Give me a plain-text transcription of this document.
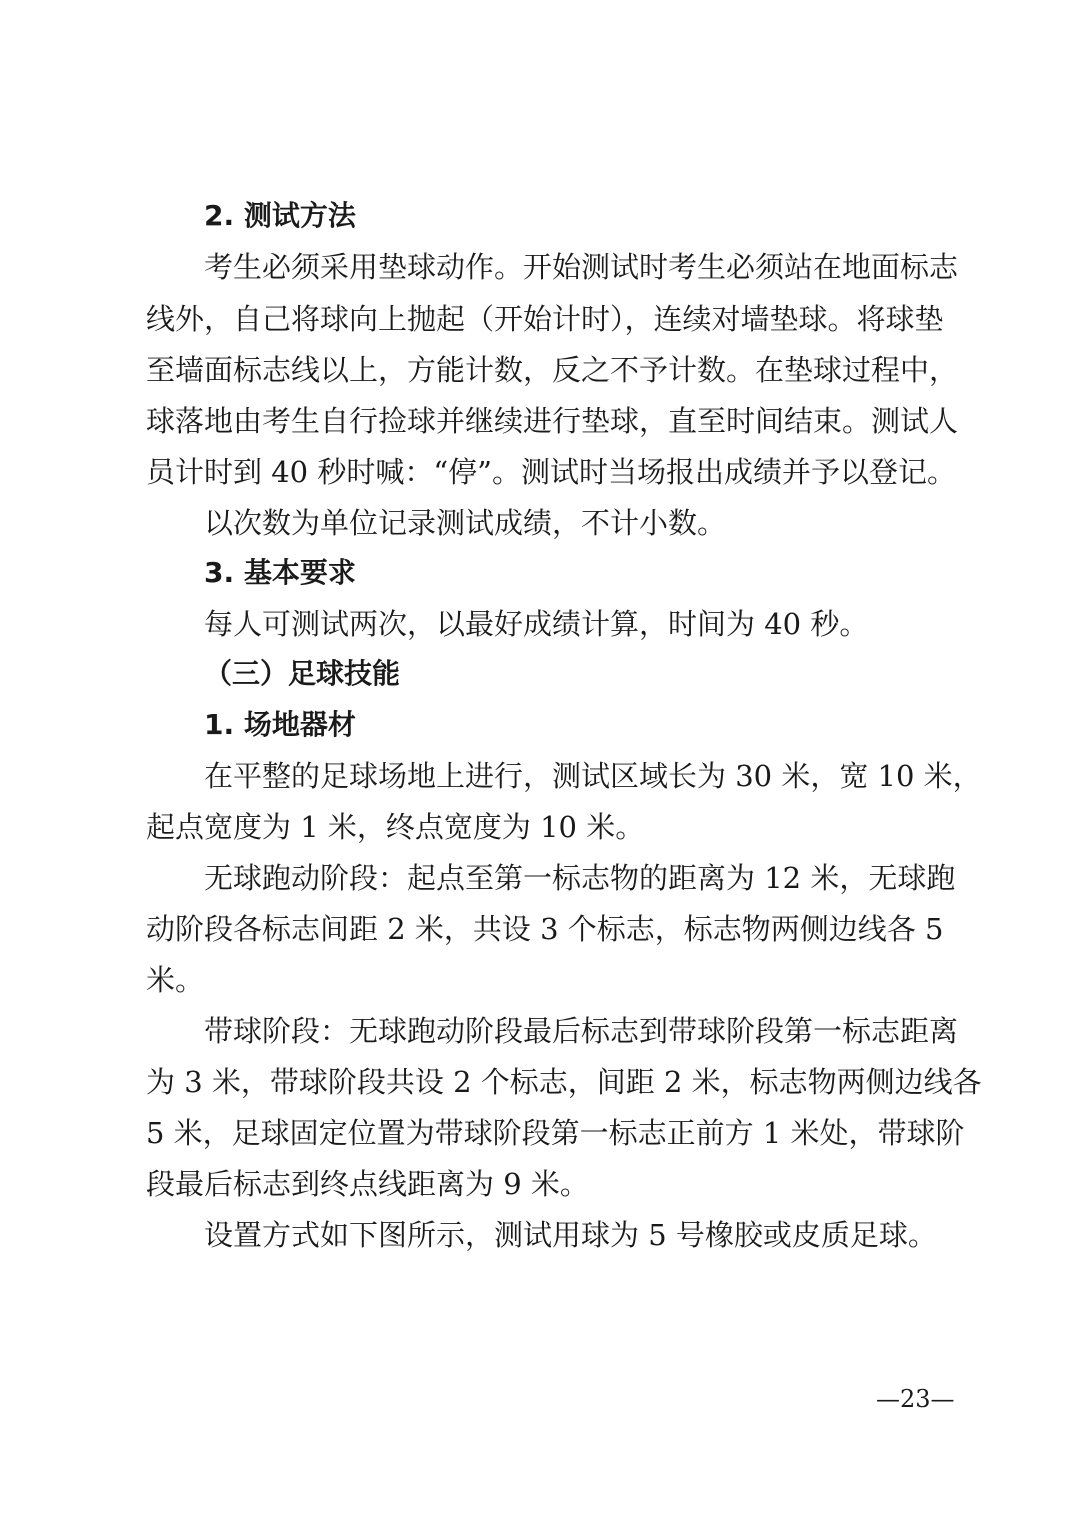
2. 测试方法
考生必须采用垫球动作。开始测试时考生必须站在地面标志
线外，自己将球向上抛起（开始计时），连续对墙垫球。将球垫
至墙面标志线以上，方能计数，反之不予计数。在垫球过程中，
球落地由考生自行捡球并继续进行垫球，直至时间结束。测试人
员计时到 40 秒时喊：“停”。测试时当场报出成绩并予以登记。
以次数为单位记录测试成绩，不计小数。
3. 基本要求
每人可测试两次，以最好成绩计算，时间为 40 秒。
（三）足球技能
1. 场地器材
在平整的足球场地上进行，测试区域长为 30 米，宽 10 米，
起点宽度为 1 米，终点宽度为 10 米。
无球跑动阶段：起点至第一标志物的距离为 12 米，无球跑
动阶段各标志间距 2 米，共设 3 个标志，标志物两侧边线各 5
米。
带球阶段：无球跑动阶段最后标志到带球阶段第一标志距离
为 3 米，带球阶段共设 2 个标志，间距 2 米，标志物两侧边线各
5 米，足球固定位置为带球阶段第一标志正前方 1 米处，带球阶
段最后标志到终点线距离为 9 米。
设置方式如下图所示，测试用球为 5 号橡胶或皮质足球。
—23—
